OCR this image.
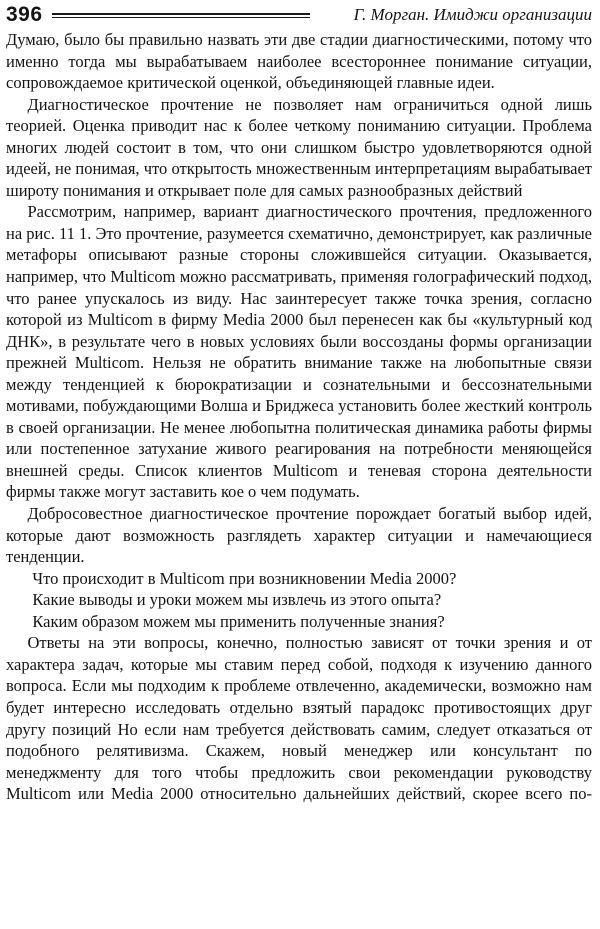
396	Г. Морган. Имиджи организации

Думаю, было бы правильно назвать эти две стадии диагностическими, потому что именно тогда мы вырабатываем наиболее всестороннее понимание ситуации, сопровождаемое критической оценкой, объединяющей главные идеи.

Диагностическое прочтение не позволяет нам ограничиться одной лишь теорией. Оценка приводит нас к более четкому пониманию ситуации. Проблема многих людей состоит в том, что они слишком быстро удовлетворяются одной идеей, не понимая, что открытость множественным интерпретациям вырабатывает широту понимания и открывает поле для самых разнообразных действий

Рассмотрим, например, вариант диагностического прочтения, предложенного на рис. 11 1. Это прочтение, разумеется схематично, демонстрирует, как различные метафоры описывают разные стороны сложившейся ситуации. Оказывается, например, что Multicom можно рассматривать, применяя голографический подход, что ранее упускалось из виду. Нас заинтересует также точка зрения, согласно которой из Multicom в фирму Media 2000 был перенесен как бы «культурный код ДНК», в результате чего в новых условиях были воссозданы формы организации прежней Multicom. Нельзя не обратить внимание также на любопытные связи между тенденцией к бюрократизации и сознательными и бессознательными мотивами, побуждающими Волша и Бриджеса установить более жесткий контроль в своей организации. Не менее любопытна политическая динамика работы фирмы или постепенное затухание живого реагирования на потребности меняющейся внешней среды. Список клиентов Multicom и теневая сторона деятельности фирмы также могут заставить кое о чем подумать.

Добросовестное диагностическое прочтение порождает богатый выбор идей, которые дают возможность разглядеть характер ситуации и намечающиеся тенденции.

Что происходит в Multicom при возникновении Media 2000?

Какие выводы и уроки можем мы извлечь из этого опыта?

Каким образом можем мы применить полученные знания?

Ответы на эти вопросы, конечно, полностью зависят от точки зрения и от характера задач, которые мы ставим перед собой, подходя к изучению данного вопроса. Если мы подходим к проблеме отвлеченно, академически, возможно нам будет интересно исследовать отдельно взятый парадокс противостоящих друг другу позиций Но если нам требуется действовать самим, следует отказаться от подобного релятивизма. Скажем, новый менеджер или консультант по менеджменту для того чтобы предложить свои рекомендации руководству Multicom или Media 2000 относительно дальнейших действий, скорее всего по-
